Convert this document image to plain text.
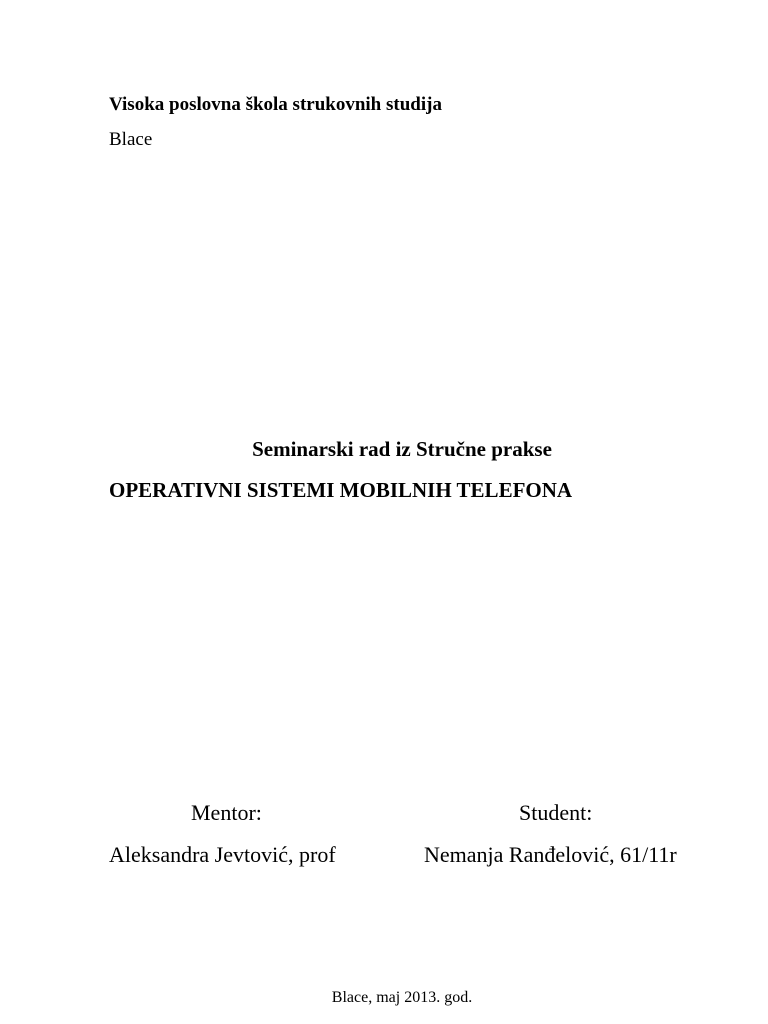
Visoka poslovna škola strukovnih studija
Blace
Seminarski rad iz Stručne prakse
OPERATIVNI SISTEMI MOBILNIH TELEFONA
Mentor:	Student:
Aleksandra Jevtović, prof	Nemanja Ranđelović, 61/11r
Blace, maj 2013. god.
